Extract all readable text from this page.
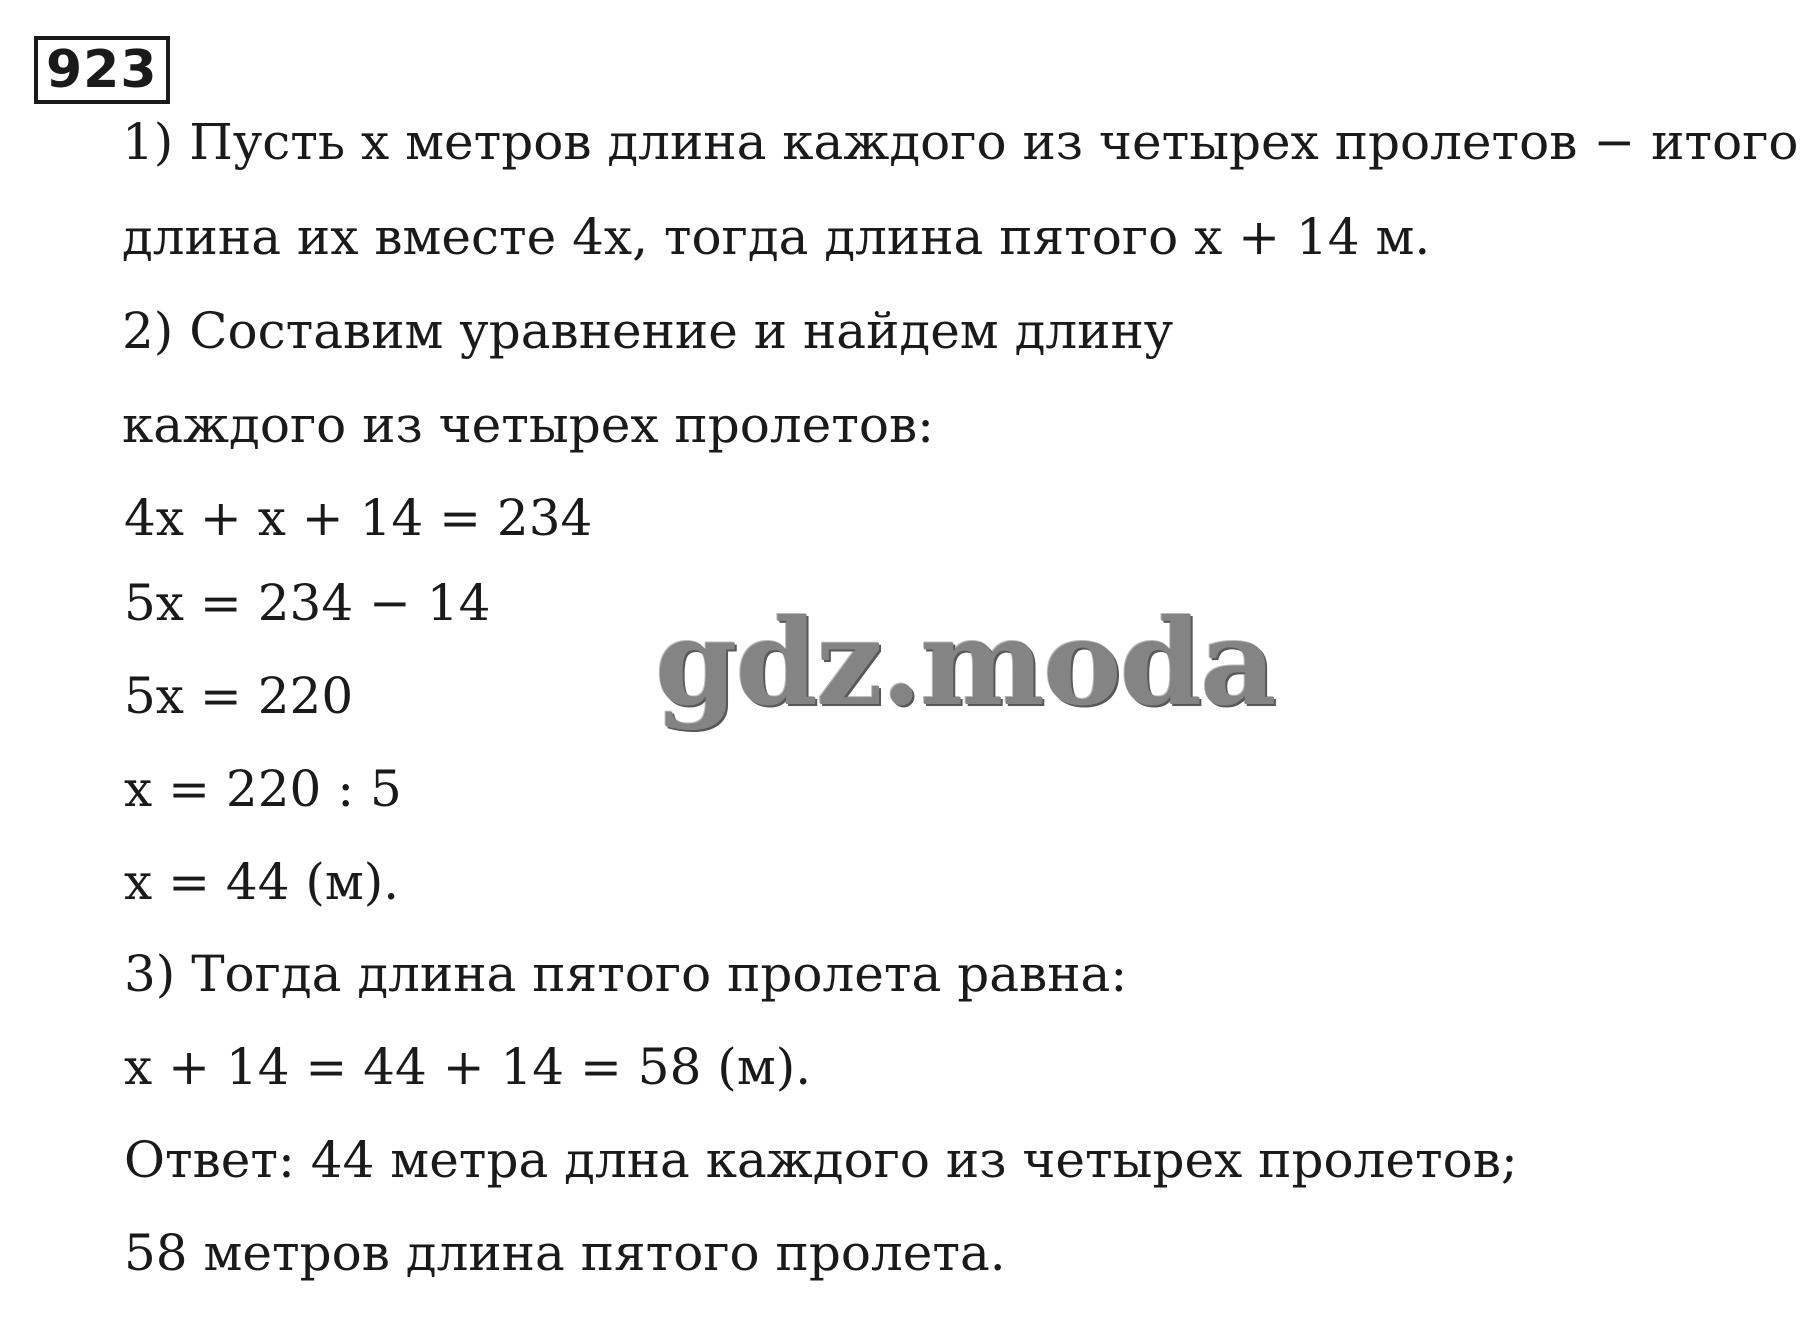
923
1) Пусть x метров длина каждого из четырех пролетов − итого
длина их вместе 4x, тогда длина пятого x + 14 м.
2) Составим уравнение и найдем длину
каждого из четырех пролетов:
4x + x + 14 = 234
5x = 234 − 14
5x = 220
x = 220 : 5
x = 44 (м).
3) Тогда длина пятого пролета равна:
x + 14 = 44 + 14 = 58 (м).
Ответ: 44 метра длна каждого из четырех пролетов;
58 метров длина пятого пролета.
gdz.moda
